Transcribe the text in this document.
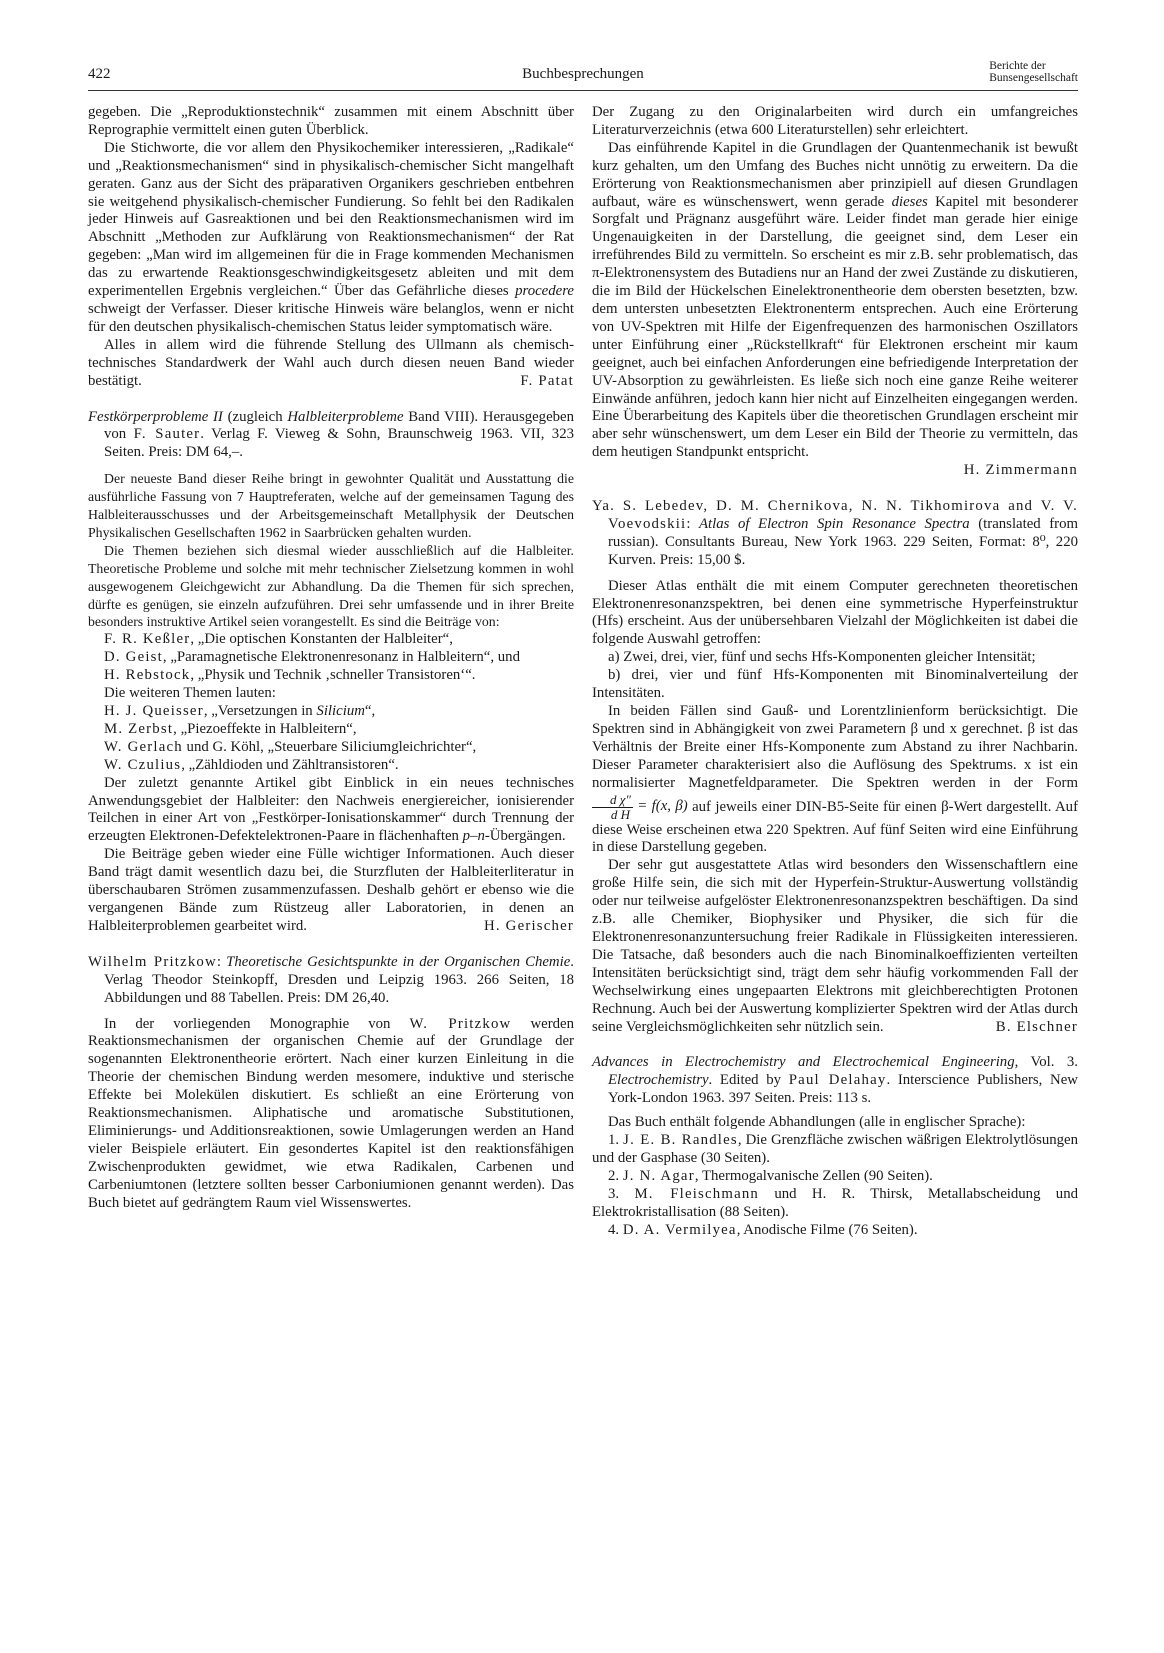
422	Buchbesprechungen	Berichte der
Bunsengesellschaft

gegeben. Die „Reproduktionstechnik“ zusammen mit einem Abschnitt über Reprographie vermittelt einen guten Überblick.

Die Stichworte, die vor allem den Physikochemiker interessieren, „Radikale“ und „Reaktionsmechanismen“ sind in physikalisch-chemischer Sicht mangelhaft geraten. Ganz aus der Sicht des präparativen Organikers geschrieben entbehren sie weitgehend physikalisch-chemischer Fundierung. So fehlt bei den Radikalen jeder Hinweis auf Gasreaktionen und bei den Reaktionsmechanismen wird im Abschnitt „Methoden zur Aufklärung von Reaktionsmechanismen“ der Rat gegeben: „Man wird im allgemeinen für die in Frage kommenden Mechanismen das zu erwartende Reaktionsgeschwindigkeitsgesetz ableiten und mit dem experimentellen Ergebnis vergleichen.“ Über das Gefährliche dieses procedere schweigt der Verfasser. Dieser kritische Hinweis wäre belanglos, wenn er nicht für den deutschen physikalisch-chemischen Status leider symptomatisch wäre.

Alles in allem wird die führende Stellung des Ullmann als chemisch-technisches Standardwerk der Wahl auch durch diesen neuen Band wieder bestätigt.	F. Patat

Festkörperprobleme II (zugleich Halbleiterprobleme Band VIII). Herausgegeben von F. Sauter. Verlag F. Vieweg & Sohn, Braunschweig 1963. VII, 323 Seiten. Preis: DM 64,–.

Der neueste Band dieser Reihe bringt in gewohnter Qualität und Ausstattung die ausführliche Fassung von 7 Hauptreferaten, welche auf der gemeinsamen Tagung des Halbleiterausschusses und der Arbeitsgemeinschaft Metallphysik der Deutschen Physikalischen Gesellschaften 1962 in Saarbrücken gehalten wurden.

Die Themen beziehen sich diesmal wieder ausschließlich auf die Halbleiter. Theoretische Probleme und solche mit mehr technischer Zielsetzung kommen in wohl ausgewogenem Gleichgewicht zur Abhandlung. Da die Themen für sich sprechen, dürfte es genügen, sie einzeln aufzuführen. Drei sehr umfassende und in ihrer Breite besonders instruktive Artikel seien vorangestellt. Es sind die Beiträge von:

F. R. Keßler, „Die optischen Konstanten der Halbleiter“,

D. Geist, „Paramagnetische Elektronenresonanz in Halbleitern“, und

H. Rebstock, „Physik und Technik ‚schneller Transistoren‘“.

Die weiteren Themen lauten:

H. J. Queisser, „Versetzungen in Silicium“,

M. Zerbst, „Piezoeffekte in Halbleitern“,

W. Gerlach und G. Köhl, „Steuerbare Siliciumgleichrichter“,

W. Czulius, „Zähldioden und Zähltransistoren“.

Der zuletzt genannte Artikel gibt Einblick in ein neues technisches Anwendungsgebiet der Halbleiter: den Nachweis energiereicher, ionisierender Teilchen in einer Art von „Festkörper-Ionisationskammer“ durch Trennung der erzeugten Elektronen-Defektelektronen-Paare in flächenhaften p–n-Übergängen.

Die Beiträge geben wieder eine Fülle wichtiger Informationen. Auch dieser Band trägt damit wesentlich dazu bei, die Sturzfluten der Halbleiterliteratur in überschaubaren Strömen zusammenzufassen. Deshalb gehört er ebenso wie die vergangenen Bände zum Rüstzeug aller Laboratorien, in denen an Halbleiterproblemen gearbeitet wird.	H. Gerischer

Wilhelm Pritzkow: Theoretische Gesichtspunkte in der Organischen Chemie. Verlag Theodor Steinkopff, Dresden und Leipzig 1963. 266 Seiten, 18 Abbildungen und 88 Tabellen. Preis: DM 26,40.

In der vorliegenden Monographie von W. Pritzkow werden Reaktionsmechanismen der organischen Chemie auf der Grundlage der sogenannten Elektronentheorie erörtert. Nach einer kurzen Einleitung in die Theorie der chemischen Bindung werden mesomere, induktive und sterische Effekte bei Molekülen diskutiert. Es schließt an eine Erörterung von Reaktionsmechanismen. Aliphatische und aromatische Substitutionen, Eliminierungs- und Additionsreaktionen, sowie Umlagerungen werden an Hand vieler Beispiele erläutert. Ein gesondertes Kapitel ist den reaktionsfähigen Zwischenprodukten gewidmet, wie etwa Radikalen, Carbenen und Carbeniumtonen (letztere sollten besser Carboniumionen genannt werden). Das Buch bietet auf gedrängtem Raum viel Wissenswertes.

Der Zugang zu den Originalarbeiten wird durch ein umfangreiches Literaturverzeichnis (etwa 600 Literaturstellen) sehr erleichtert.

Das einführende Kapitel in die Grundlagen der Quantenmechanik ist bewußt kurz gehalten, um den Umfang des Buches nicht unnötig zu erweitern. Da die Erörterung von Reaktionsmechanismen aber prinzipiell auf diesen Grundlagen aufbaut, wäre es wünschenswert, wenn gerade dieses Kapitel mit besonderer Sorgfalt und Prägnanz ausgeführt wäre. Leider findet man gerade hier einige Ungenauigkeiten in der Darstellung, die geeignet sind, dem Leser ein irreführendes Bild zu vermitteln. So erscheint es mir z.B. sehr problematisch, das π-Elektronensystem des Butadiens nur an Hand der zwei Zustände zu diskutieren, die im Bild der Hückelschen Einelektronentheorie dem obersten besetzten, bzw. dem untersten unbesetzten Elektronenterm entsprechen. Auch eine Erörterung von UV-Spektren mit Hilfe der Eigenfrequenzen des harmonischen Oszillators unter Einführung einer „Rückstellkraft“ für Elektronen erscheint mir kaum geeignet, auch bei einfachen Anforderungen eine befriedigende Interpretation der UV-Absorption zu gewährleisten. Es ließe sich noch eine ganze Reihe weiterer Einwände anführen, jedoch kann hier nicht auf Einzelheiten eingegangen werden. Eine Überarbeitung des Kapitels über die theoretischen Grundlagen erscheint mir aber sehr wünschenswert, um dem Leser ein Bild der Theorie zu vermitteln, das dem heutigen Standpunkt entspricht.

H. Zimmermann

Ya. S. Lebedev, D. M. Chernikova, N. N. Tikhomirova and V. V. Voevodskii: Atlas of Electron Spin Resonance Spectra (translated from russian). Consultants Bureau, New York 1963. 229 Seiten, Format: 8⁰, 220 Kurven. Preis: 15,00 $.

Dieser Atlas enthält die mit einem Computer gerechneten theoretischen Elektronenresonanzspektren, bei denen eine symmetrische Hyperfeinstruktur (Hfs) erscheint. Aus der unübersehbaren Vielzahl der Möglichkeiten ist dabei die folgende Auswahl getroffen:

a) Zwei, drei, vier, fünf und sechs Hfs-Komponenten gleicher Intensität;

b) drei, vier und fünf Hfs-Komponenten mit Binominalverteilung der Intensitäten.

In beiden Fällen sind Gauß- und Lorentzlinienform berücksichtigt. Die Spektren sind in Abhängigkeit von zwei Parametern β und x gerechnet. β ist das Verhältnis der Breite einer Hfs-Komponente zum Abstand zu ihrer Nachbarin. Dieser Parameter charakterisiert also die Auflösung des Spektrums. x ist ein normalisierter Magnetfeldparameter. Die Spektren werden in der Form
$\frac{\text{d χ″}}{\text{d H}} = f(x$, β) auf jeweils einer DIN-B5-Seite für einen β-Wert dargestellt. Auf diese Weise erscheinen etwa 220 Spektren. Auf fünf Seiten wird eine Einführung in diese Darstellung gegeben.

Der sehr gut ausgestattete Atlas wird besonders den Wissenschaftlern eine große Hilfe sein, die sich mit der Hyperfein-Struktur-Auswertung vollständig oder nur teilweise aufgelöster Elektronenresonanzspektren beschäftigen. Da sind z.B. alle Chemiker, Biophysiker und Physiker, die sich für die Elektronenresonanzuntersuchung freier Radikale in Flüssigkeiten interessieren. Die Tatsache, daß besonders auch die nach Binominalkoeffizienten verteilten Intensitäten berücksichtigt sind, trägt dem sehr häufig vorkommenden Fall der Wechselwirkung eines ungepaarten Elektrons mit gleichberechtigten Protonen Rechnung. Auch bei der Auswertung komplizierter Spektren wird der Atlas durch seine Vergleichsmöglichkeiten sehr nützlich sein.	B. Elschner

Advances in Electrochemistry and Electrochemical Engineering, Vol. 3. Electrochemistry. Edited by Paul Delahay. Interscience Publishers, New York-London 1963. 397 Seiten. Preis: 113 s.

Das Buch enthält folgende Abhandlungen (alle in englischer Sprache):

1. J. E. B. Randles, Die Grenzfläche zwischen wäßrigen Elektrolytlösungen und der Gasphase (30 Seiten).

2. J. N. Agar, Thermogalvanische Zellen (90 Seiten).

3. M. Fleischmann und H. R. Thirsk, Metallabscheidung und Elektrokristallisation (88 Seiten).

4. D. A. Vermilyea, Anodische Filme (76 Seiten).
